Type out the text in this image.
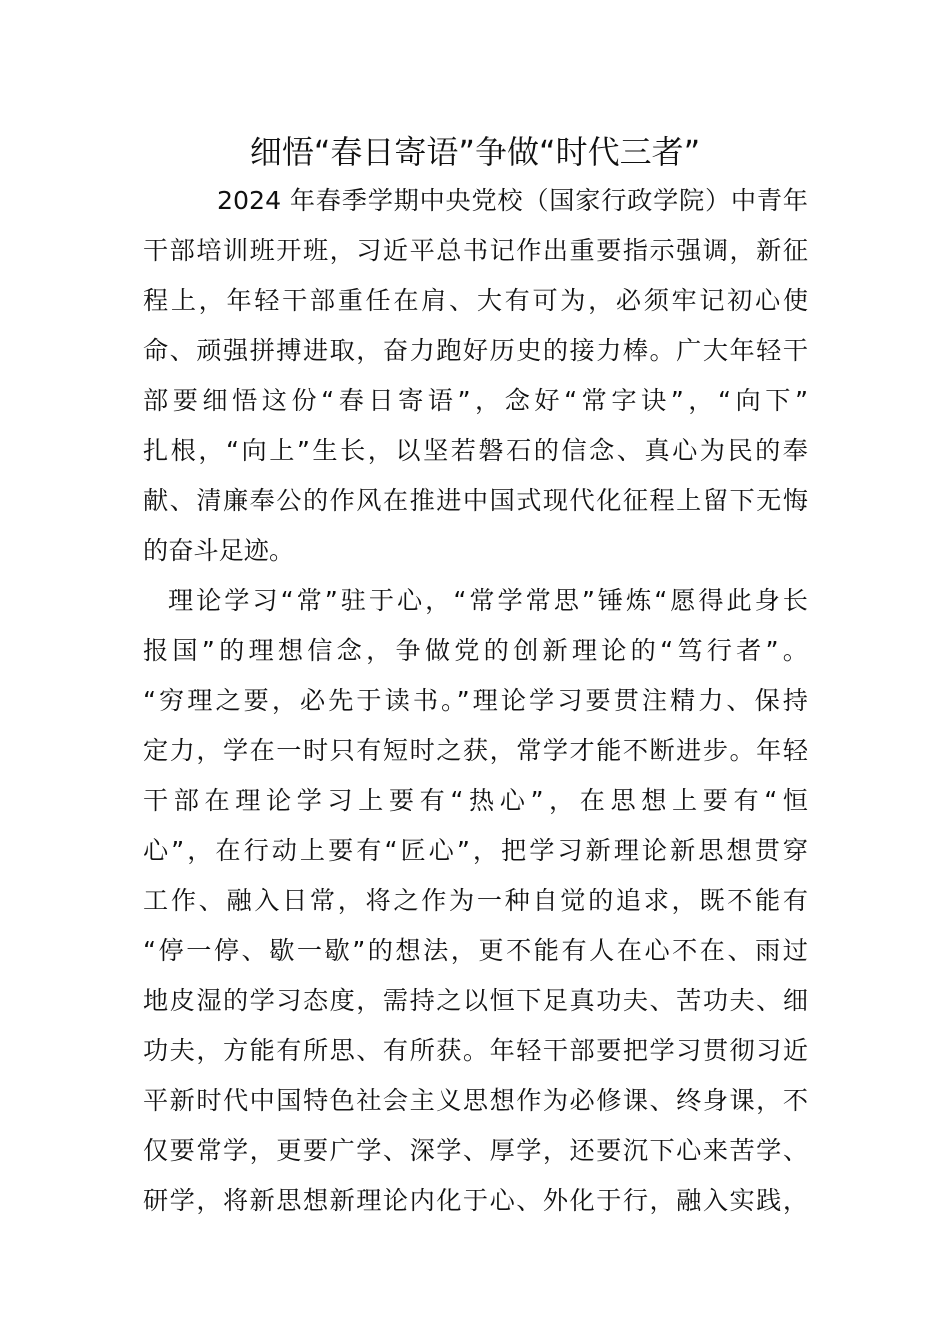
细悟“春日寄语”争做“时代三者”
2024 年春季学期中央党校（国家行政学院）中青年
干部培训班开班，习近平总书记作出重要指示强调，新征
程上，年轻干部重任在肩、大有可为，必须牢记初心使
命、顽强拼搏进取，奋力跑好历史的接力棒。广大年轻干
部要细悟这份“春日寄语”，念好“常字诀”，“向下”
扎根，“向上”生长，以坚若磐石的信念、真心为民的奉
献、清廉奉公的作风在推进中国式现代化征程上留下无悔
的奋斗足迹。
理论学习“常”驻于心，“常学常思”锤炼“愿得此身长
报国”的理想信念，争做党的创新理论的“笃行者”。
“穷理之要，必先于读书。”理论学习要贯注精力、保持
定力，学在一时只有短时之获，常学才能不断进步。年轻
干部在理论学习上要有“热心”，在思想上要有“恒
心”，在行动上要有“匠心”，把学习新理论新思想贯穿
工作、融入日常，将之作为一种自觉的追求，既不能有
“停一停、歇一歇”的想法，更不能有人在心不在、雨过
地皮湿的学习态度，需持之以恒下足真功夫、苦功夫、细
功夫，方能有所思、有所获。年轻干部要把学习贯彻习近
平新时代中国特色社会主义思想作为必修课、终身课，不
仅要常学，更要广学、深学、厚学，还要沉下心来苦学、
研学，将新思想新理论内化于心、外化于行，融入实践，
